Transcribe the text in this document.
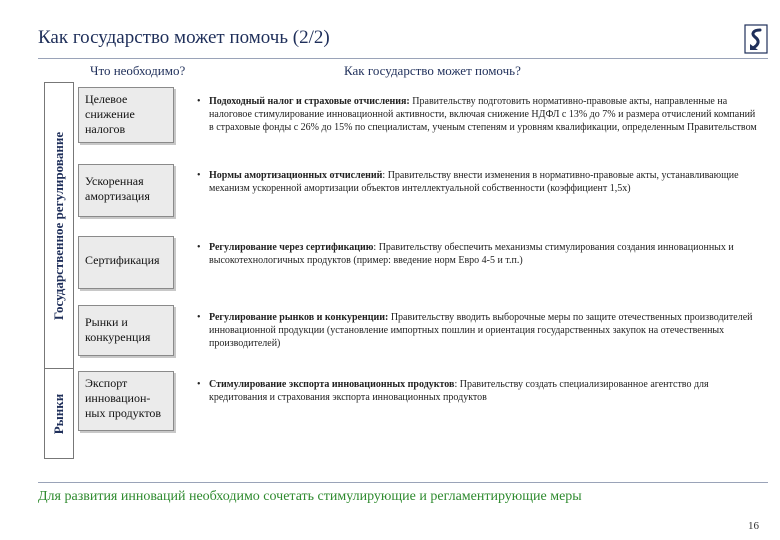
Как государство может помочь (2/2)
Что необходимо?	Как государство может помочь?
Государственное регулирование
Рынки
Целевое снижение налогов
Ускоренная амортизация
Сертификация
Рынки и конкуренция
Экспорт инновацион-ных продуктов
• Подоходный налог и страховые отчисления: Правительству подготовить нормативно-правовые акты, направленные на налоговое стимулирование инновационной активности, включая снижение НДФЛ с 13% до 7% и размера отчислений компаний в страховые фонды с 26% до 15% по специалистам, ученым степеням и уровням квалификации, определенным Правительством
• Нормы амортизационных отчислений: Правительству внести изменения в нормативно-правовые акты, устанавливающие механизм ускоренной амортизации объектов интеллектуальной собственности (коэффициент 1,5х)
• Регулирование через сертификацию: Правительству обеспечить механизмы стимулирования создания инновационных и высокотехнологичных продуктов (пример: введение норм Евро 4-5 и т.п.)
• Регулирование рынков и конкуренции: Правительству вводить выборочные меры по защите отечественных производителей инновационной продукции (установление импортных пошлин и ориентация государственных закупок на отечественных производителей)
• Стимулирование экспорта инновационных продуктов: Правительству создать специализированное агентство для кредитования и страхования экспорта инновационных продуктов
Для развития инноваций необходимо сочетать стимулирующие и регламентирующие меры
16
